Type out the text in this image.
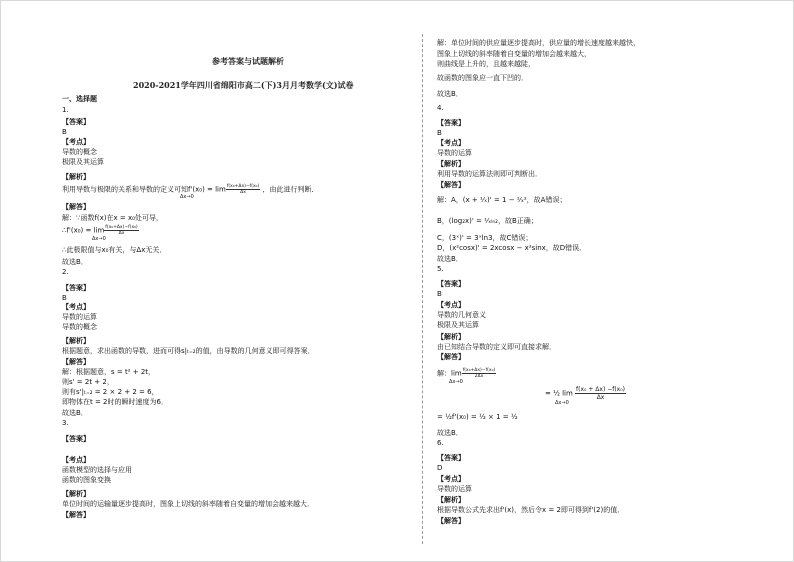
参考答案与试题解析
2020-2021学年四川省绵阳市高二(下)3月月考数学(文)试卷
一、选择题
1.
【答案】
B
【考点】
导数的概念
极限及其运算
【解析】
利用导数与极限的关系和导数的定义可知$f'(x_0) = \lim \frac{\text{f(x₀+Δx)−f(x₀)}}{\Delta x}$
Δx→0
，由此进行判断．
【解答】
解：∵函数f(x)在x = x₀处可导，
∴f'(x₀) = $\lim \frac{\text{f(x₀+Δx)−f(x₀)}}{\Delta x}$
Δx→0
∴此极限值与x₀有关，与Δx无关．
故选B．
2.
【答案】
B
【考点】
导数的运算
导数的概念
【解析】
根据题意，求出函数的导数，进而可得s|ₜ₌₂的值，由导数的几何意义即可得答案．
【解答】
解：根据题意，s = t² + 2t，
则s' = 2t + 2，
则有s'|ₜ₌₂ = 2 × 2 + 2 = 6，
即物体在t = 2时的瞬时速度为6．
故选B．
3.
【答案】
【考点】
函数模型的选择与应用
函数的图象变换
【解析】
单位时间的运输量逐步提高时，图象上切线的斜率随着自变量的增加会越来越大．
【解答】
解：单位时间的供应量逐步提高时，供应量的增长速度越来越快，
图象上切线的斜率随着自变量的增加会越来越大，
则曲线是上升的，且越来越陡，
故函数的图象应一直下凹的．
故选B．
4.
【答案】
B
【考点】
导数的运算
【解析】
利用导数的运算法则即可判断出．
【解答】
解：A，(x + ¹⁄ₓ)' = 1 − ¹⁄ₓ²，故A错误；
B，(log₂x)' = ¹⁄ₓₗₙ₂，故B正确；
C，(3ˣ)' = 3ˣln3，故C错误；
D，(x²cosx)' = 2xcosx − x²sinx，故D错误．
故选B．
5.
【答案】
B
【考点】
导数的几何意义
极限及其运算
【解析】
由已知结合导数的定义即可直接求解．
【解答】
解：$\lim \frac{\text{f(x₀+Δx)−f(x₀)}}{2\Delta x}$
Δx→0
= ½ $\lim \frac{\text{f(x₀ + Δx) −f(x₀)}}{\Delta x}$
Δx→0
= ½f'(x₀) = ½ × 1 = ½
故选B．
6.
【答案】
D
【考点】
导数的运算
【解析】
根据导数公式先求出f'(x)，然后令x = 2即可得到f'(2)的值．
【解答】
